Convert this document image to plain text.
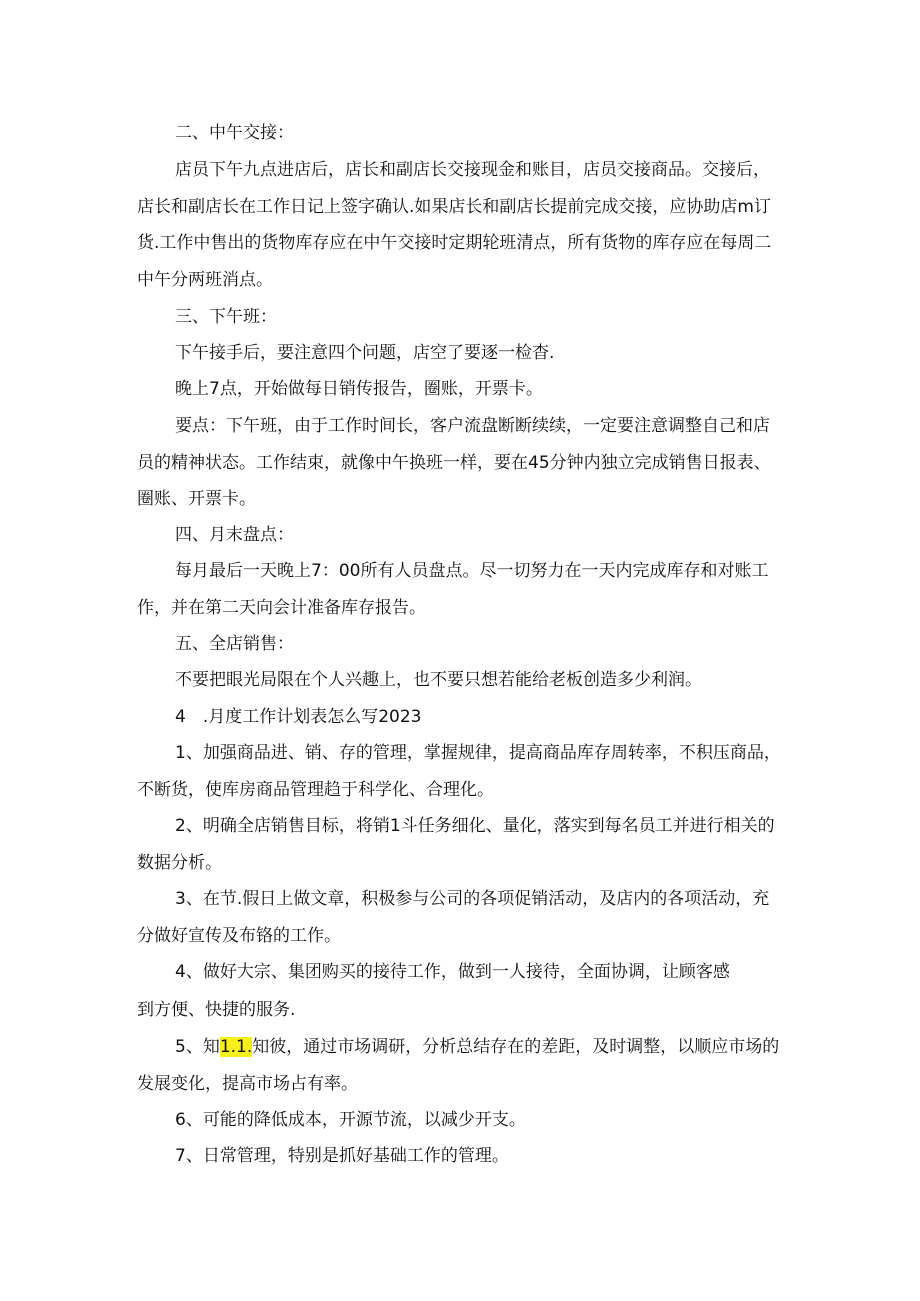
二、中午交接：

店员下午九点进店后，店长和副店长交接现金和账目，店员交接商品。交接后，
店长和副店长在工作日记上签字确认.如果店长和副店长提前完成交接，应协助店m订
货.工作中售出的货物库存应在中午交接时定期轮班清点，所有货物的库存应在每周二
中午分两班消点。

三、下午班：

下午接手后，要注意四个问题，店空了要逐一检杳.

晚上7点，开始做每日销传报告，圈账，开票卡。

要点：下午班，由于工作时间长，客户流盘断断续续，一定要注意调整自己和店
员的精神状态。工作结束，就像中午换班一样，要在45分钟内独立完成销售日报表、
圈账、开票卡。

四、月末盘点：

每月最后一天晚上7：00所有人员盘点。尽一切努力在一天内完成库存和对账工
作，并在第二天向会计准备库存报告。

五、全店销售：

不要把眼光局限在个人兴趣上，也不要只想若能给老板创造多少利润。

4　.月度工作计划表怎么写2023

1、加强商品进、销、存的管理，掌握规律，提高商品库存周转率，不积压商品，
不断货，使库房商品管理趋于科学化、合理化。

2、明确全店销售目标，将销1斗任务细化、量化，落实到每名员工并进行相关的
数据分析。

3、在节.假日上做文章，积极参与公司的各项促销活动，及店内的各项活动，充
分做好宣传及布铬的工作。

4、做好大宗、集团购买的接待工作，做到一人接待，全面协调，让顾客感

到方便、快捷的服务.

5、知1.1.知彼，通过市场调研，分析总结存在的差距，及时调整，以顺应市场的
发展变化，提高市场占有率。

6、可能的降低成本，开源节流，以减少开支。

7、日常管理，特别是抓好基础工作的管理。
